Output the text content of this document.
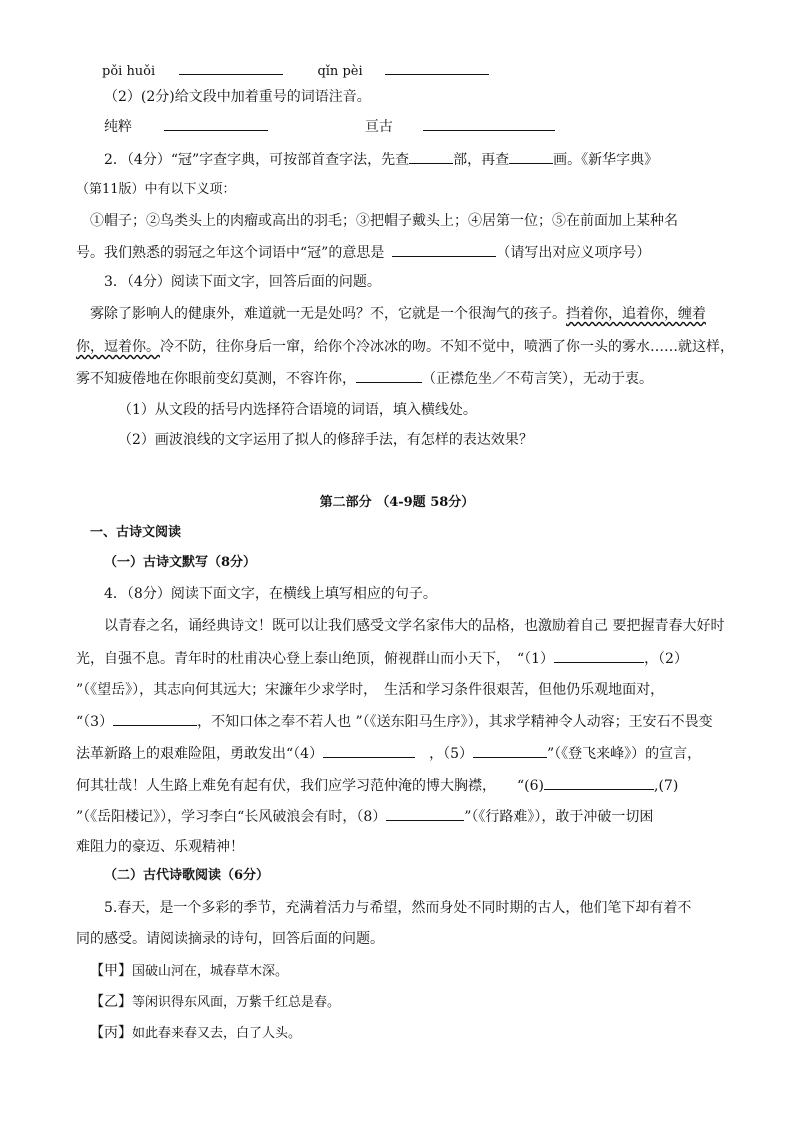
pǒi huǒi	qǐn pèi
（2）(2分)给文段中加着重号的词语注音。
纯粹	亘古
2．（4分）“冠”字查字典，可按部首查字法，先查	部，再查	画。《新华字典》
（第11版）中有以下义项：
①帽子；②鸟类头上的肉瘤或高出的羽毛；③把帽子戴头上；④居第一位；⑤在前面加上某种名
号。我们熟悉的弱冠之年这个词语中“冠”的意思是	（请写出对应义项序号）
3．（4分）阅读下面文字，回答后面的问题。
雾除了影响人的健康外，难道就一无是处吗？不，它就是一个很淘气的孩子。挡着你，追着你，缠着
你，逗着你。冷不防，往你身后一窜，给你个冷冰冰的吻。不知不觉中，喷洒了你一头的雾水……就这样，
雾不知疲倦地在你眼前变幻莫测，不容许你，	（正襟危坐／不苟言笑），无动于衷。
（1）从文段的括号内选择符合语境的词语，填入横线处。
（2）画波浪线的文字运用了拟人的修辞手法，有怎样的表达效果？
第二部分 （4-9题 58分）
一、古诗文阅读
（一）古诗文默写（8分）
4．（8分）阅读下面文字，在横线上填写相应的句子。
以青春之名，诵经典诗文！既可以让我们感受文学名家伟大的品格，也激励着自己 要把握青春大好时
光，自强不息。青年时的杜甫决心登上泰山绝顶，俯视群山而小天下，　“（1）	，（2）
”（《望岳》），其志向何其远大；宋濂年少求学时，　生活和学习条件很艰苦，但他仍乐观地面对，
“（3）	，不知口体之奉不若人也 ”（《送东阳马生序》），其求学精神令人动容；王安石不畏变
法革新路上的艰难险阻，勇敢发出“（4）	，（5）	”（《登飞来峰》）的宣言，
何其壮哉！人生路上难免有起有伏，我们应学习范仲淹的博大胸襟，　　“(6)	,(7)
”（《岳阳楼记》），学习李白“长风破浪会有时，（8）	”（《行路难》），敢于冲破一切困
难阻力的豪迈、乐观精神！
（二）古代诗歌阅读（6分）
5.春天，是一个多彩的季节，充满着活力与希望，然而身处不同时期的古人，他们笔下却有着不
同的感受。请阅读摘录的诗句，回答后面的问题。
【甲】国破山河在，城春草木深。
【乙】等闲识得东风面，万紫千红总是春。
【丙】如此春来春又去，白了人头。
